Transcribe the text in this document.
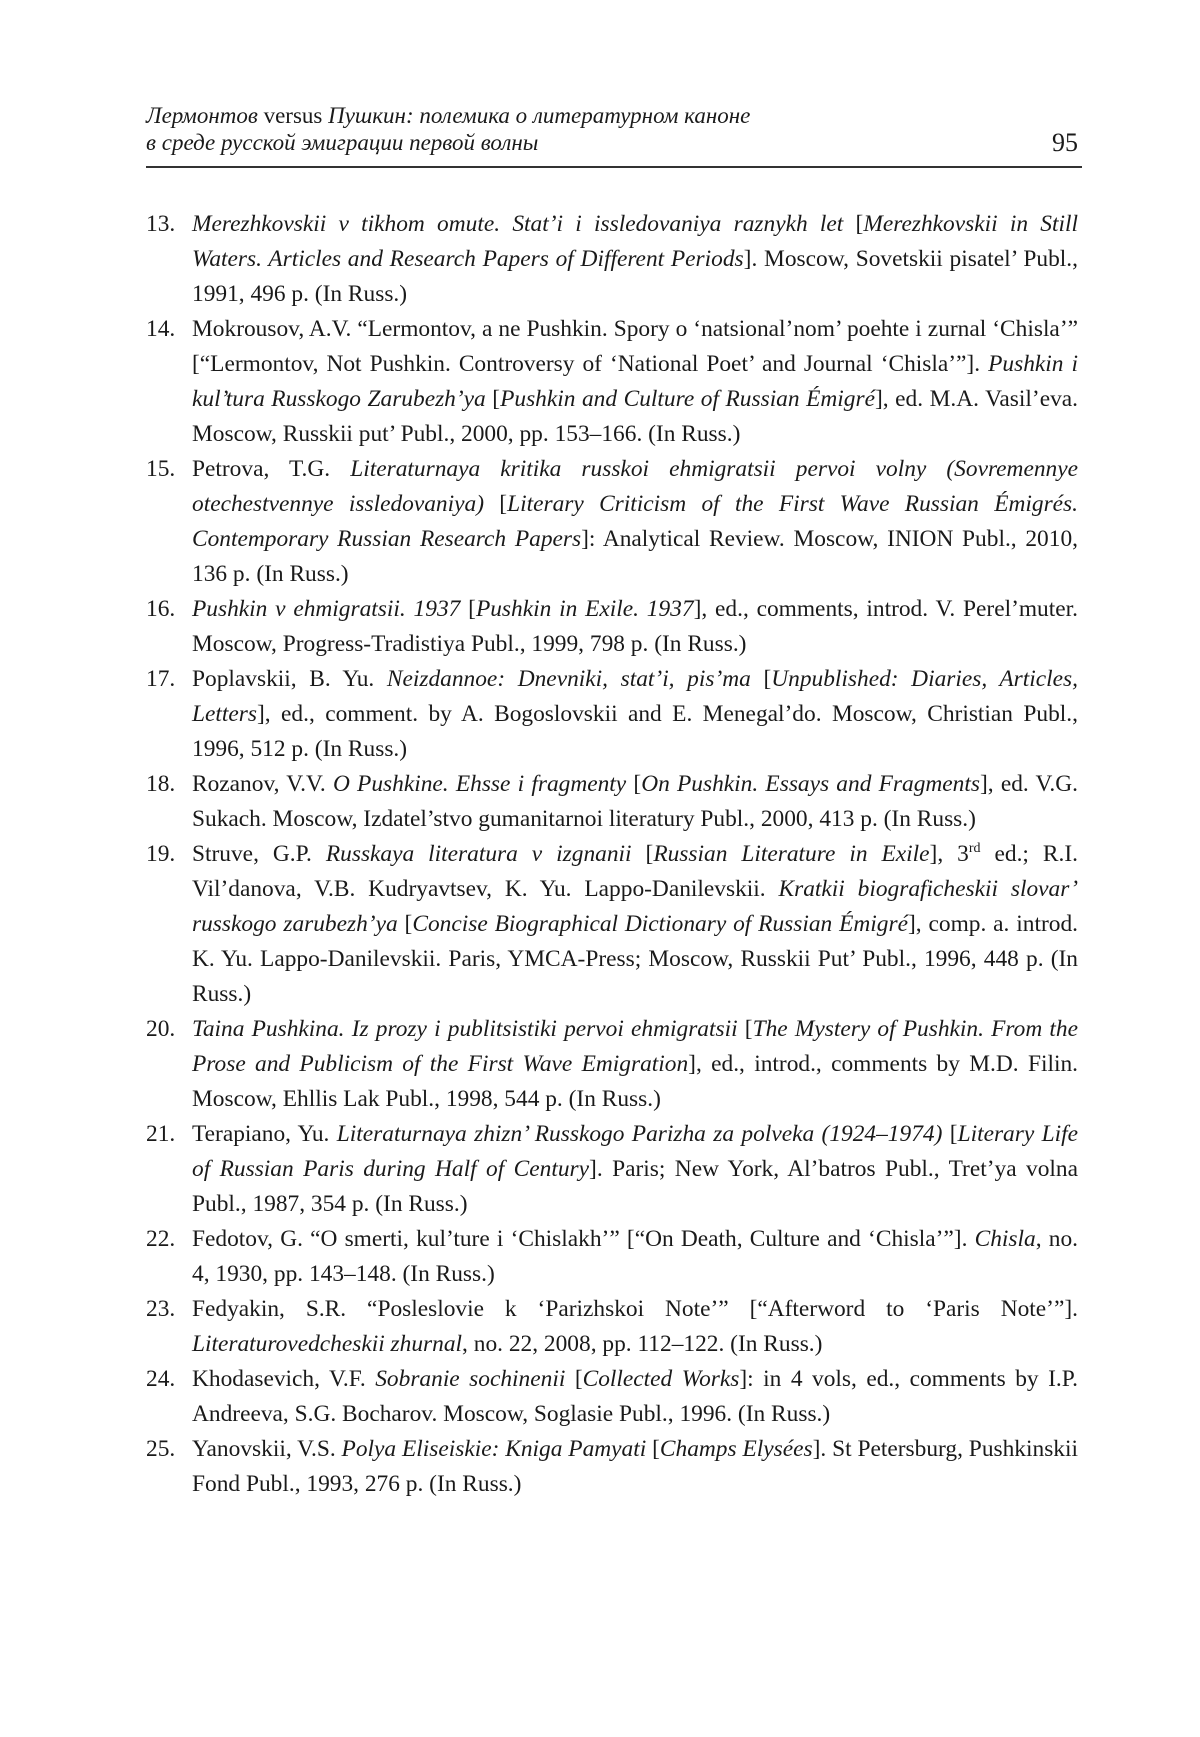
Лермонтов versus Пушкин: полемика о литературном каноне
в среде русской эмиграции первой волны	95
13. Merezhkovskii v tikhom omute. Stat’i i issledovaniya raznykh let [Merezhkovskii in Still Waters. Articles and Research Papers of Different Periods]. Moscow, Sovetskii pisatel’ Publ., 1991, 496 p. (In Russ.)
14. Mokrousov, A.V. “Lermontov, a ne Pushkin. Spory o ‘natsional’nom’ poehte i zurnal ‘Chisla’” [“Lermontov, Not Pushkin. Controversy of ‘National Poet’ and Journal ‘Chisla’”]. Pushkin i kul’tura Russkogo Zarubezh’ya [Pushkin and Culture of Russian Émigré], ed. M.A. Vasil’eva. Moscow, Russkii put’ Publ., 2000, pp. 153–166. (In Russ.)
15. Petrova, T.G. Literaturnaya kritika russkoi ehmigratsii pervoi volny (Sovremennye otechestvennye issledovaniya) [Literary Criticism of the First Wave Russian Émigrés. Contemporary Russian Research Papers]: Analytical Review. Moscow, INION Publ., 2010, 136 p. (In Russ.)
16. Pushkin v ehmigratsii. 1937 [Pushkin in Exile. 1937], ed., comments, introd. V. Perel’muter. Moscow, Progress-Tradistiya Publ., 1999, 798 p. (In Russ.)
17. Poplavskii, B. Yu. Neizdannoe: Dnevniki, stat’i, pis’ma [Unpublished: Diaries, Articles, Letters], ed., comment. by A. Bogoslovskii and E. Menegal’do. Moscow, Christian Publ., 1996, 512 p. (In Russ.)
18. Rozanov, V.V. O Pushkine. Ehsse i fragmenty [On Pushkin. Essays and Fragments], ed. V.G. Sukach. Moscow, Izdatel’stvo gumanitarnoi literatury Publ., 2000, 413 p. (In Russ.)
19. Struve, G.P. Russkaya literatura v izgnanii [Russian Literature in Exile], 3rd ed.; R.I. Vil’danova, V.B. Kudryavtsev, K. Yu. Lappo-Danilevskii. Kratkii biograficheskii slovar’ russkogo zarubezh’ya [Concise Biographical Dictionary of Russian Émigré], comp. a. introd. K. Yu. Lappo-Danilevskii. Paris, YMCA-Press; Moscow, Russkii Put’ Publ., 1996, 448 p. (In Russ.)
20. Taina Pushkina. Iz prozy i publitsistiki pervoi ehmigratsii [The Mystery of Pushkin. From the Prose and Publicism of the First Wave Emigration], ed., introd., comments by M.D. Filin. Moscow, Ehllis Lak Publ., 1998, 544 p. (In Russ.)
21. Terapiano, Yu. Literaturnaya zhizn’ Russkogo Parizha za polveka (1924–1974) [Literary Life of Russian Paris during Half of Century]. Paris; New York, Al’batros Publ., Tret’ya volna Publ., 1987, 354 p. (In Russ.)
22. Fedotov, G. “O smerti, kul’ture i ‘Chislakh’” [“On Death, Culture and ‘Chisla’”]. Chisla, no. 4, 1930, pp. 143–148. (In Russ.)
23. Fedyakin, S.R. “Posleslovie k ‘Parizhskoi Note’” [“Afterword to ‘Paris Note’”]. Literaturovedcheskii zhurnal, no. 22, 2008, pp. 112–122. (In Russ.)
24. Khodasevich, V.F. Sobranie sochinenii [Collected Works]: in 4 vols, ed., comments by I.P. Andreeva, S.G. Bocharov. Moscow, Soglasie Publ., 1996. (In Russ.)
25. Yanovskii, V.S. Polya Eliseiskie: Kniga Pamyati [Champs Elysées]. St Petersburg, Pushkinskii Fond Publ., 1993, 276 p. (In Russ.)
